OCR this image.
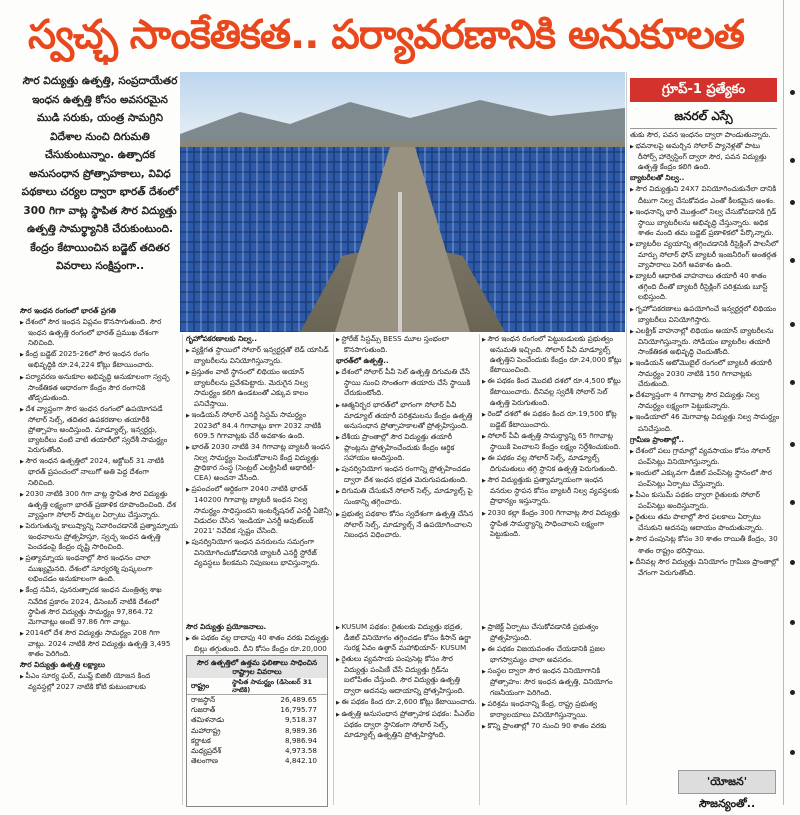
స్వచ్ఛ సాంకేతికత.. పర్యావరణానికి అనుకూలత
సౌర విద్యుత్తు ఉత్పత్తి, సంప్రదాయేతర ఇంధన ఉత్పత్తి కోసం అవసరమైన ముడి సరుకు, యంత్ర సామగ్రిని విదేశాల నుంచి దిగుమతి చేసుకుంటున్నాం. ఉత్పాదక అనుసంధాన ప్రోత్సాహకాలు, వివిధ పథకాలు చర్యల ద్వారా భారత్ దేశంలో 300 గిగా వాట్ల స్థాపిత సౌర విద్యుత్తు ఉత్పత్తి సామర్థ్యానికి చేరుకుంటుంది. కేంద్రం కేటాయించిన బడ్జెట్ తదితర వివరాలు సంక్షిప్తంగా..
గ్రూప్-1 ప్రత్యేకం
జనరల్ ఎస్సే

సౌర ఇంధన రంగంలో భారత్ ప్రగతి

▶ దేశంలో సౌర ఇంధన విప్లవం కొనసాగుతుంది. సౌర ఇంధన ఉత్పత్తి రంగంలో భారత్ ప్రముఖ దేశంగా నిలిచింది.

▶ కేంద్ర బడ్జెట్ 2025-26లో సౌర ఇంధన రంగం అభివృద్ధికి రూ.24,224 కోట్లు కేటాయించారు.

▶ పర్యావరణ అనుకూల అభివృద్ధి అనుకూలంగా స్వచ్ఛ సాంకేతికత ఆధారంగా కేంద్రం సౌర రంగానికి తోడ్పడుతుంది.

▶ దేశ వ్యాప్తంగా సౌర ఇంధన రంగంలో ఉపయోగపడే సోలార్ సెల్స్, తదితర ఉపకరణాల తయారీకి ప్రోత్సాహం అందిస్తుంది. మాడ్యూల్స్, ఇన్వర్టర్లు, బ్యాటరీలు వంటి వాటి తయారీలో స్వదేశీ సామర్థ్యం పెరుగుతోంది.

▶ సౌర ఇంధన ఉత్పత్తిలో 2024, అక్టోబర్ 31 నాటికి భారత్ ప్రపంచంలో నాలుగో అతి పెద్ద దేశంగా నిలిచింది.

▶ 2030 నాటికి 300 గిగా వాట్ల స్థాపిత సౌర విద్యుత్తు ఉత్పత్తి లక్ష్యంగా భారత్ ప్రణాళిక రూపొందించింది. దేశ వ్యాప్తంగా సోలార్ పార్కుల ఏర్పాటు చేస్తున్నారు.

▶ పెరుగుతున్న కాలుష్యాన్ని నివారించడానికి ప్రత్యామ్నాయ ఇంధనాలను ప్రోత్సహిస్తూ, స్వచ్ఛ ఇంధన ఉత్పత్తి పెంచడంపై కేంద్రం దృష్టి సారించింది.

▶ ప్రత్యామ్నాయ ఇంధనాల్లో సౌర ఇంధనం చాలా ముఖ్యమైనది. దేశంలో సూర్యరశ్మి పుష్కలంగా లభించడం అనుకూలంగా ఉంది.

▶ కేంద్ర నవీన, పునరుత్పాదక ఇంధన మంత్రిత్వ శాఖ నివేదిక ప్రకారం 2024, డిసెంబర్ నాటికి దేశంలో స్థాపిత సౌర విద్యుత్తు సామర్థ్యం 97,864.72 మెగావాట్లు అంటే 97.86 గిగా వాట్లు.

▶ 2014లో దేశ సౌర విద్యుత్తు సామర్థ్యం 208 గిగా వాట్లు. 2024 నాటికి సౌర విద్యుత్తు ఉత్పత్తి 3,495 శాతం పెరిగింది.

సౌర విద్యుత్తు ఉత్పత్తి లక్ష్యాలు

▶ పీఎం సూర్య ఘర్, ముఫ్త్ బిజిలీ యోజన కింద వ్యవస్థల్లో 2027 నాటికి కోటి కుటుంబాలకు

గృహోపకరణాలకు నిల్వ..

▶ వ్యక్తిగత స్థాయిలో సోలార్ ఇన్వర్టర్లతో లెడ్ యాసిడ్ బ్యాటరీలను వినియోగిస్తున్నారు.

▶ ప్రస్తుతం వాటి స్థానంలో లిథియం అయాన్ బ్యాటరీలను ప్రవేశపెట్టారు. మెరుగైన నిల్వ సామర్థ్యం కలిగి ఉండటంతో ఎక్కువ కాలం పనిచేస్తాయి.

▶ ఇండియన్ సోలార్ ఎనర్జీ సిస్టమ్ సామర్థ్యం 2023లో 84.4 గిగావాట్లు కాగా 2032 నాటికి 609.5 గిగావాట్లకు చేరే అవకాశం ఉంది.

▶ భారత్ 2030 నాటికి 34 గిగావాట్ల బ్యాటరీ ఇంధన నిల్వ సామర్థ్యం పెంచుకోవాలని కేంద్ర విద్యుత్తు ప్రాధికార సంస్థ (సెంట్రల్ ఎలక్ట్రిసిటీ అథారిటీ- CEA) అంచనా వేసింది.

▶ ప్రపంచంలో ఆర్థికంగా 2040 నాటికి భారత్ 140200 గిగావాట్ల బ్యాటరీ ఇంధన నిల్వ సామర్థ్యం సాధిస్తుందని ఇంటర్నేషనల్ ఎనర్జీ ఏజెన్సీ విడుదల చేసిన 'ఇండియా ఎనర్జీ అవుట్‌లుక్ 2021' నివేదిక స్పష్టం చేసింది.

▶ పునర్వినియోగ ఇంధన వనరులను సమగ్రంగా వినియోగించుకోవడానికి బ్యాటరీ ఎనర్జీ స్టోరేజ్ వ్యవస్థలు కీలకమని నిపుణులు భావిస్తున్నారు.

▶ స్టోరేజ్ సిస్టమ్స్ BESS మూల స్తంభంలా కొనసాగుతుంది.

భారత్‌లో ఉత్పత్తి..

▶ దేశంలో సోలార్ పీవీ సెల్ ఉత్పత్తి దిగుమతి చేసే స్థాయి నుంచి సొంతంగా తయారు చేసే స్థాయికి చేరుకుంటోంది.

▶ ఆత్మనిర్భర భారత్‌లో భాగంగా సోలార్ పీవీ మాడ్యూల్ తయారీ పరిశ్రమలను కేంద్రం ఉత్పత్తి అనుసంధాన ప్రోత్సాహకాలతో ప్రోత్సహిస్తుంది.

▶ దేశీయ ప్రాంతాల్లో సౌర విద్యుత్తు తయారీ ప్లాంట్లను ప్రోత్సహించేందుకు కేంద్రం ఆర్థిక సహాయం అందిస్తుంది.

▶ పునర్వినియోగ ఇంధన రంగాన్ని ప్రోత్సహించడం ద్వారా దేశ ఇంధన భద్రత మెరుగుపడుతుంది.

▶ దిగుమతి చేసుకునే సోలార్ సెల్స్, మాడ్యూల్స్ పై సుంకాన్ని తగ్గించారు.

▶ ప్రభుత్వ పథకాల కోసం స్వదేశంగా ఉత్పత్తి చేసిన సోలార్ సెల్స్, మాడ్యూల్స్ నే ఉపయోగించాలని నిబంధన విధించారు.

▶ సౌర ఇంధన రంగంలో పెట్టుబడులకు ప్రభుత్వం అనుమతి ఇచ్చింది. సోలార్ పీవీ మాడ్యూల్స్ ఉత్పత్తిని పెంచేందుకు కేంద్రం రూ.24,000 కోట్లు కేటాయించింది.

▶ ఈ పథకం కింద మొదటి దశలో రూ.4,500 కోట్లు కేటాయించారు. దీనివల్ల స్వదేశీ సోలార్ సెల్ ఉత్పత్తి పెరుగుతుంది.

▶ రెండో దశలో ఈ పథకం కింద రూ.19,500 కోట్ల బడ్జెట్ కేటాయించారు.

▶ సోలార్ పీవీ ఉత్పత్తి సామర్థ్యాన్ని 65 గిగావాట్ల స్థాయికి పెంచాలని కేంద్రం లక్ష్యం నిర్దేశించుకుంది.

▶ ఈ పథకం వల్ల సోలార్ సెల్స్, మాడ్యూల్స్ దిగుమతులు తగ్గి స్థానిక ఉత్పత్తి పెరుగుతుంది.

▶ సౌర విద్యుత్తుకు ప్రత్యామ్నాయంగా ఇంధన వనరుల స్థాపన కోసం బ్యాటరీ నిల్వ వ్యవస్థలకు ప్రాధాన్యం ఇస్తున్నారు.

▶ 2030 కల్లా కేంద్రం 300 గిగావాట్ల సౌర విద్యుత్తు స్థాపిత సామర్థ్యాన్ని సాధించాలని లక్ష్యంగా పెట్టుకుంది.

తుకు సౌర, పవన ఇంధనం ద్వారా పాండుతున్నారు.

▶ భవనాలపై అమర్చిన సోలార్ ప్యానెళ్లతో పాటు రీసోర్స్ హార్వెస్టింగ్ ద్వారా సౌర, పవన విద్యుత్తు ఉత్పత్తి కేంద్రం కలిగి ఉంది.

బ్యాటరీలతో నిల్వ..

▶ సౌర విద్యుత్తుని 24X7 వినియోగించుకునేలా దానికి దీటుగా నిల్వ చేసుకోవడం ఎంతో కీలకమైన అంశం.

▶ ఇంధనాన్ని భారీ మొత్తంలో నిల్వ చేసుకోవడానికి గ్రిడ్ స్థాయి బ్యాటరీలను అభివృద్ధి చేస్తున్నారు. అధిక శాతం మంది తమ బడ్జెట్ ప్రణాళికలో పేర్కొన్నారు.

▶ బ్యాటరీల వ్యయాన్ని తగ్గించడానికి రీసైక్లింగ్ పాలసీలో మార్పు సోలార్ ఫోన్ బ్యాటరీ ఇంజనీరింగ్ అంతర్గత వ్యాపారాలు పెరిగే అవకాశం ఉంది.

▶ బ్యాటరీ ఆధారిత వాహనాలు తయారీ 40 శాతం తగ్గింది దీంతో బ్యాటరీ రీసైక్లింగ్ పరిశ్రమకు బూస్ట్ లభిస్తుంది.

▶ గృహోపకరణాలు ఉపయోగించే ఇన్వర్టర్లలో లిథియం బ్యాటరీలు వినియోగిస్తారు.

▶ ఎలక్ట్రిక్ వాహనాల్లో లిథియం అయాన్ బ్యాటరీలను వినియోగిస్తున్నారు. సోడియం బ్యాటరీల తయారీ సాంకేతికత అభివృద్ధి చెందుతోంది.

▶ ఇండియన్ ఆటోమొబైల్ రంగంలో బ్యాటరీ తయారీ సామర్థ్యం 2030 నాటికి 150 గిగావాట్లకు చేరుతుంది.

▶ దేశవ్యాప్తంగా 4 గిగావాట్ల సౌర విద్యుత్తు నిల్వ సామర్థ్యం లక్ష్యంగా పెట్టుకున్నారు.

▶ ఇండియాలో 46 మెగావాట్ల విద్యుత్తు నిల్వ సామర్థ్యం పనిచేస్తుంది.

గ్రామీణ ప్రాంతాల్లో..

▶ దేశంలో పలు గ్రామాల్లో వ్యవసాయం కోసం సోలార్ పంప్‌సెట్లు వినియోగిస్తున్నారు.

▶ ఇందులో ఎక్కువగా డీజిల్ పంప్‌సెట్ల స్థానంలో సౌర పంప్‌సెట్లు ఏర్పాటు చేస్తున్నారు.

▶ పీఎం కుసుమ్ పథకం ద్వారా రైతులకు సోలార్ పంప్‌సెట్లు అందిస్తున్నారు.

▶ రైతులు తమ పొలాల్లో సౌర ఫలకాలు ఏర్పాటు చేసుకుని అదనపు ఆదాయం పొందుతున్నారు.

▶ సౌర పంపుసెట్ల కోసం 30 శాతం రాయితీ కేంద్రం, 30 శాతం రాష్ట్రం భరిస్తాయి.

▶ దీనివల్ల సౌర విద్యుత్తు వినియోగం గ్రామీణ ప్రాంతాల్లో వేగంగా పెరుగుతోంది.

సౌర విద్యుత్తు ప్రయోజనాలు.

▶ ఈ పథకం వల్ల దాదాపు 40 శాతం వరకు విద్యుత్తు బిల్లు తగ్గుతుంది. దీని కోసం కేంద్రం రూ.20,000

▶ KUSUM పథకం: రైతులకు విద్యుత్తు భద్రత, డీజిల్ వినియోగం తగ్గించడం కోసం కిసాన్ ఉర్జా సురక్ష ఏవం ఉత్థాన్ మహాభియాన్- KUSUM

▶ రైతులు వ్యవసాయ పంపుసెట్ల కోసం సౌర విద్యుత్తు పంపిణీ చేసే విద్యుత్తు గ్రిడ్‌ను బలోపేతం చేస్తుంది. సౌర విద్యుత్తు ఉత్పత్తి ద్వారా అదనపు ఆదాయాన్ని ప్రోత్సహిస్తుంది.

▶ ఈ పథకం కింద రూ.2,600 కోట్లు కేటాయించారు.

▶ ఉత్పత్తి అనుసంధాన ప్రోత్సాహక పథకం: పీఎల్‌ఐ పథకం ద్వారా స్థానికంగా సోలార్ సెల్స్, మాడ్యూల్స్ ఉత్పత్తిని ప్రోత్సహిస్తోంది.

▶ ప్రాజెక్ట్ ఏర్పాటు చేసుకోవడానికి ప్రభుత్వం ప్రోత్సహిస్తుంది.

▶ ఈ పథకం విజయవంతం చేయడానికి ప్రజల భాగస్వామ్యం చాలా అవసరం.

▶ సంస్థల ద్వారా సౌర ఇంధన వినియోగానికి ప్రోత్సాహం: సౌర ఇంధన ఉత్పత్తి, వినియోగం గణనీయంగా పెరిగింది.

▶ పరిశ్రమ ఇంధనాన్ని కేంద్ర, రాష్ట్ర ప్రభుత్వ కార్యాలయాలు వినియోగిస్తున్నాయి.

▶ కొన్ని ప్రాంతాల్లో 70 నుంచి 90 శాతం వరకు

సౌర ఉత్పత్తిలో ఉత్తమ ఫలితాలు సాధించిన రాష్ట్రాల వివరాలు
రాష్ట్రం	స్థాపిత సామర్థ్యం (డిసెంబర్ 31 నాటికి)
రాజస్థాన్	26,489.65
గుజరాత్	16,795.77
తమిళనాడు	9,518.37
మహారాష్ట్ర	8,989.36
కర్ణాటక	8,986.94
మధ్యప్రదేశ్	4,973.58
తెలంగాణ	4,842.10
'యోజన' సౌజన్యంతో..
